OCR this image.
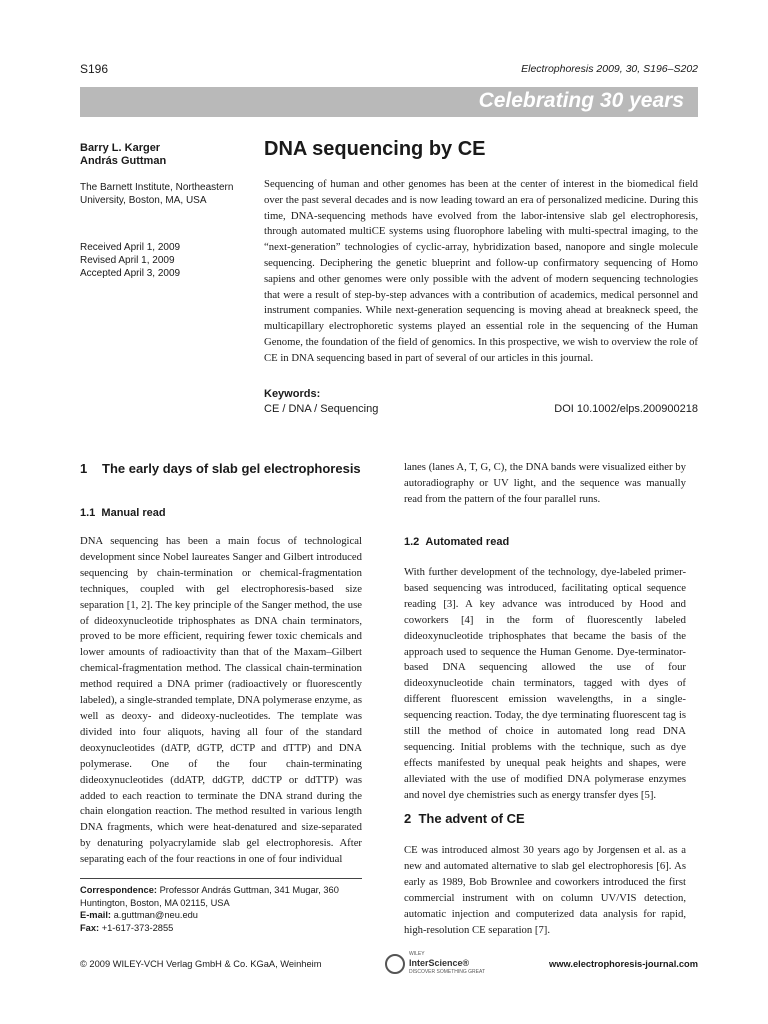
S196	Electrophoresis 2009, 30, S196–S202
Celebrating 30 years
Barry L. Karger
András Guttman
The Barnett Institute, Northeastern University, Boston, MA, USA
Received April 1, 2009
Revised April 1, 2009
Accepted April 3, 2009
DNA sequencing by CE
Sequencing of human and other genomes has been at the center of interest in the biomedical field over the past several decades and is now leading toward an era of personalized medicine. During this time, DNA-sequencing methods have evolved from the labor-intensive slab gel electrophoresis, through automated multiCE systems using fluorophore labeling with multi-spectral imaging, to the “next-generation” technologies of cyclic-array, hybridization based, nanopore and single molecule sequencing. Deciphering the genetic blueprint and follow-up confirmatory sequencing of Homo sapiens and other genomes were only possible with the advent of modern sequencing technologies that were a result of step-by-step advances with a contribution of academics, medical personnel and instrument companies. While next-generation sequencing is moving ahead at breakneck speed, the multicapillary electrophoretic systems played an essential role in the sequencing of the Human Genome, the foundation of the field of genomics. In this prospective, we wish to overview the role of CE in DNA sequencing based in part of several of our articles in this journal.
Keywords:
CE / DNA / Sequencing	DOI 10.1002/elps.200900218
1	The early days of slab gel electrophoresis
1.1 Manual read
DNA sequencing has been a main focus of technological development since Nobel laureates Sanger and Gilbert introduced sequencing by chain-termination or chemical-fragmentation techniques, coupled with gel electrophoresis-based size separation [1, 2]. The key principle of the Sanger method, the use of dideoxynucleotide triphosphates as DNA chain terminators, proved to be more efficient, requiring fewer toxic chemicals and lower amounts of radioactivity than that of the Maxam–Gilbert chemical-fragmentation method. The classical chain-termination method required a DNA primer (radioactively or fluorescently labeled), a single-stranded template, DNA polymerase enzyme, as well as deoxy- and dideoxy-nucleotides. The template was divided into four aliquots, having all four of the standard deoxynucleotides (dATP, dGTP, dCTP and dTTP) and DNA polymerase. One of the four chain-terminating dideoxynucleotides (ddATP, ddGTP, ddCTP or ddTTP) was added to each reaction to terminate the DNA strand during the chain elongation reaction. The method resulted in various length DNA fragments, which were heat-denatured and size-separated by denaturing polyacrylamide slab gel electrophoresis. After separating each of the four reactions in one of four individual
lanes (lanes A, T, G, C), the DNA bands were visualized either by autoradiography or UV light, and the sequence was manually read from the pattern of the four parallel runs.
1.2 Automated read
With further development of the technology, dye-labeled primer-based sequencing was introduced, facilitating optical sequence reading [3]. A key advance was introduced by Hood and coworkers [4] in the form of fluorescently labeled dideoxynucleotide triphosphates that became the basis of the approach used to sequence the Human Genome. Dye-terminator-based DNA sequencing allowed the use of four dideoxynucleotide chain terminators, tagged with dyes of different fluorescent emission wavelengths, in a single-sequencing reaction. Today, the dye terminating fluorescent tag is still the method of choice in automated long read DNA sequencing. Initial problems with the technique, such as dye effects manifested by unequal peak heights and shapes, were alleviated with the use of modified DNA polymerase enzymes and novel dye chemistries such as energy transfer dyes [5].
2 The advent of CE
CE was introduced almost 30 years ago by Jorgensen et al. as a new and automated alternative to slab gel electrophoresis [6]. As early as 1989, Bob Brownlee and coworkers introduced the first commercial instrument with on column UV/VIS detection, automatic injection and computerized data analysis for rapid, high-resolution CE separation [7].
Correspondence: Professor András Guttman, 341 Mugar, 360 Huntington, Boston, MA 02115, USA
E-mail: a.guttman@neu.edu
Fax: +1-617-373-2855
© 2009 WILEY-VCH Verlag GmbH & Co. KGaA, Weinheim
WILEY
InterScience®
DISCOVER SOMETHING GREAT
www.electrophoresis-journal.com
